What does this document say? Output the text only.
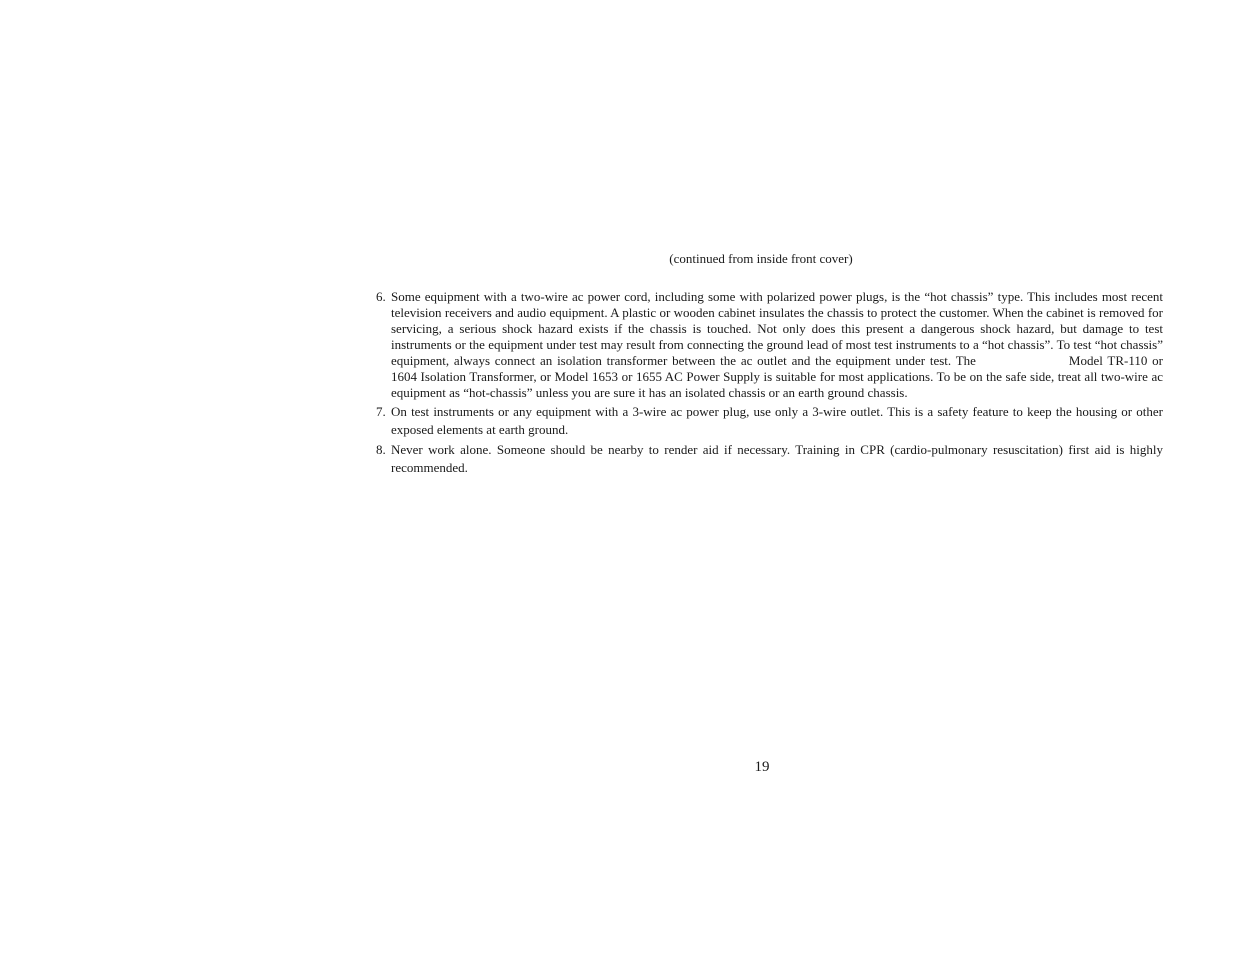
(continued from inside front cover)

6. Some equipment with a two-wire ac power cord, including some with polarized power plugs, is the “hot chassis” type. This includes most recent television receivers and audio equipment. A plastic or wooden cabinet insulates the chassis to protect the customer. When the cabinet is removed for servicing, a serious shock hazard exists if the chassis is touched. Not only does this present a dangerous shock hazard, but damage to test instruments or the equipment under test may result from connecting the ground lead of most test instruments to a “hot chassis”. To test “hot chassis” equipment, always connect an isolation transformer between the ac outlet and the equipment under test. The	Model TR-110 or 1604 Isolation Transformer, or Model 1653 or 1655 AC Power Supply is suitable for most applications. To be on the safe side, treat all two-wire ac equipment as “hot-chassis” unless you are sure it has an isolated chassis or an earth ground chassis.

7. On test instruments or any equipment with a 3-wire ac power plug, use only a 3-wire outlet. This is a safety feature to keep the housing or other exposed elements at earth ground.

8. Never work alone. Someone should be nearby to render aid if necessary. Training in CPR (cardio-pulmonary resuscitation) first aid is highly recommended.

19
